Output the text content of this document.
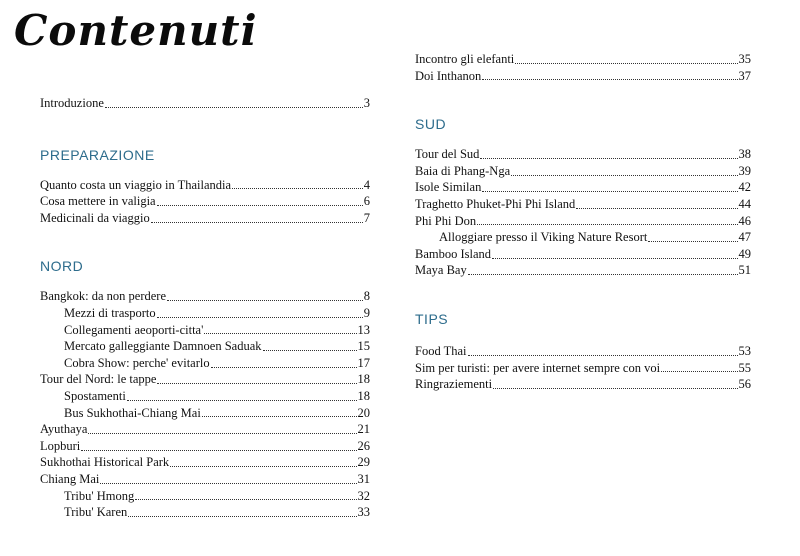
Contenuti
Introduzione	3
PREPARAZIONE
Quanto costa un viaggio in Thailandia	4
Cosa mettere in valigia	6
Medicinali da viaggio	7
NORD
Bangkok: da non perdere	8
Mezzi di trasporto	9
Collegamenti aeoporti-citta'	13
Mercato galleggiante Damnoen Saduak	15
Cobra Show: perche' evitarlo	17
Tour del Nord: le tappe	18
Spostamenti	18
Bus Sukhothai-Chiang Mai	20
Ayuthaya	21
Lopburi	26
Sukhothai Historical Park	29
Chiang Mai	31
Tribu' Hmong	32
Tribu' Karen	33
Incontro gli elefanti	35
Doi Inthanon	37
SUD
Tour del Sud	38
Baia di Phang-Nga	39
Isole Similan	42
Traghetto Phuket-Phi Phi Island	44
Phi Phi Don	46
Alloggiare presso il Viking Nature Resort	47
Bamboo Island	49
Maya Bay	51
TIPS
Food Thai	53
Sim per turisti: per avere internet sempre con voi	55
Ringraziementi	56
